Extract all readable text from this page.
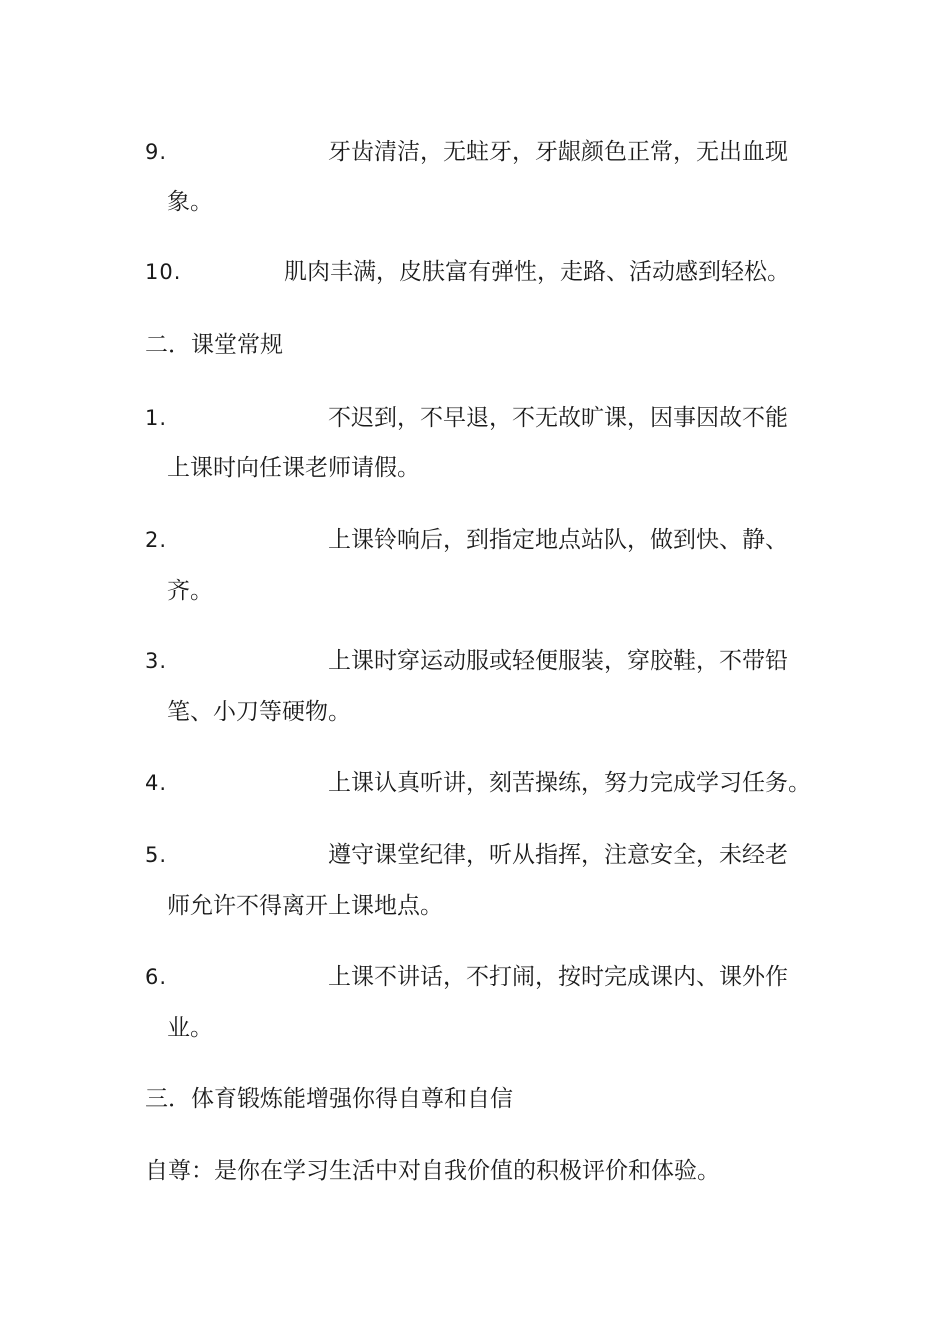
9.	牙齿清洁，无蛀牙，牙龈颜色正常，无出血现
象。
10.	肌肉丰满，皮肤富有弹性，走路、活动感到轻松。
二．课堂常规
1.	不迟到，不早退，不无故旷课，因事因故不能
上课时向任课老师请假。
2.	上课铃响后，到指定地点站队，做到快、静、
齐。
3.	上课时穿运动服或轻便服装，穿胶鞋，不带铅
笔、小刀等硬物。
4.	上课认真听讲，刻苦操练，努力完成学习任务。
5.	遵守课堂纪律，听从指挥，注意安全，未经老
师允许不得离开上课地点。
6.	上课不讲话，不打闹，按时完成课内、课外作
业。
三．体育锻炼能增强你得自尊和自信
自尊：是你在学习生活中对自我价值的积极评价和体验。
